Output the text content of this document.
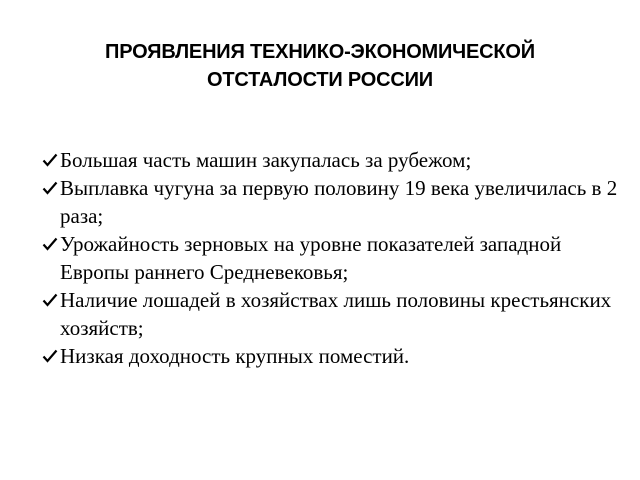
ПРОЯВЛЕНИЯ ТЕХНИКО-ЭКОНОМИЧЕСКОЙ
ОТСТАЛОСТИ РОССИИ
Большая часть машин закупалась за рубежом;
Выплавка чугуна за первую половину 19 века увеличилась в 2 раза;
Урожайность зерновых на уровне показателей западной Европы раннего Средневековья;
Наличие лошадей в хозяйствах лишь половины крестьянских хозяйств;
Низкая доходность крупных поместий.
